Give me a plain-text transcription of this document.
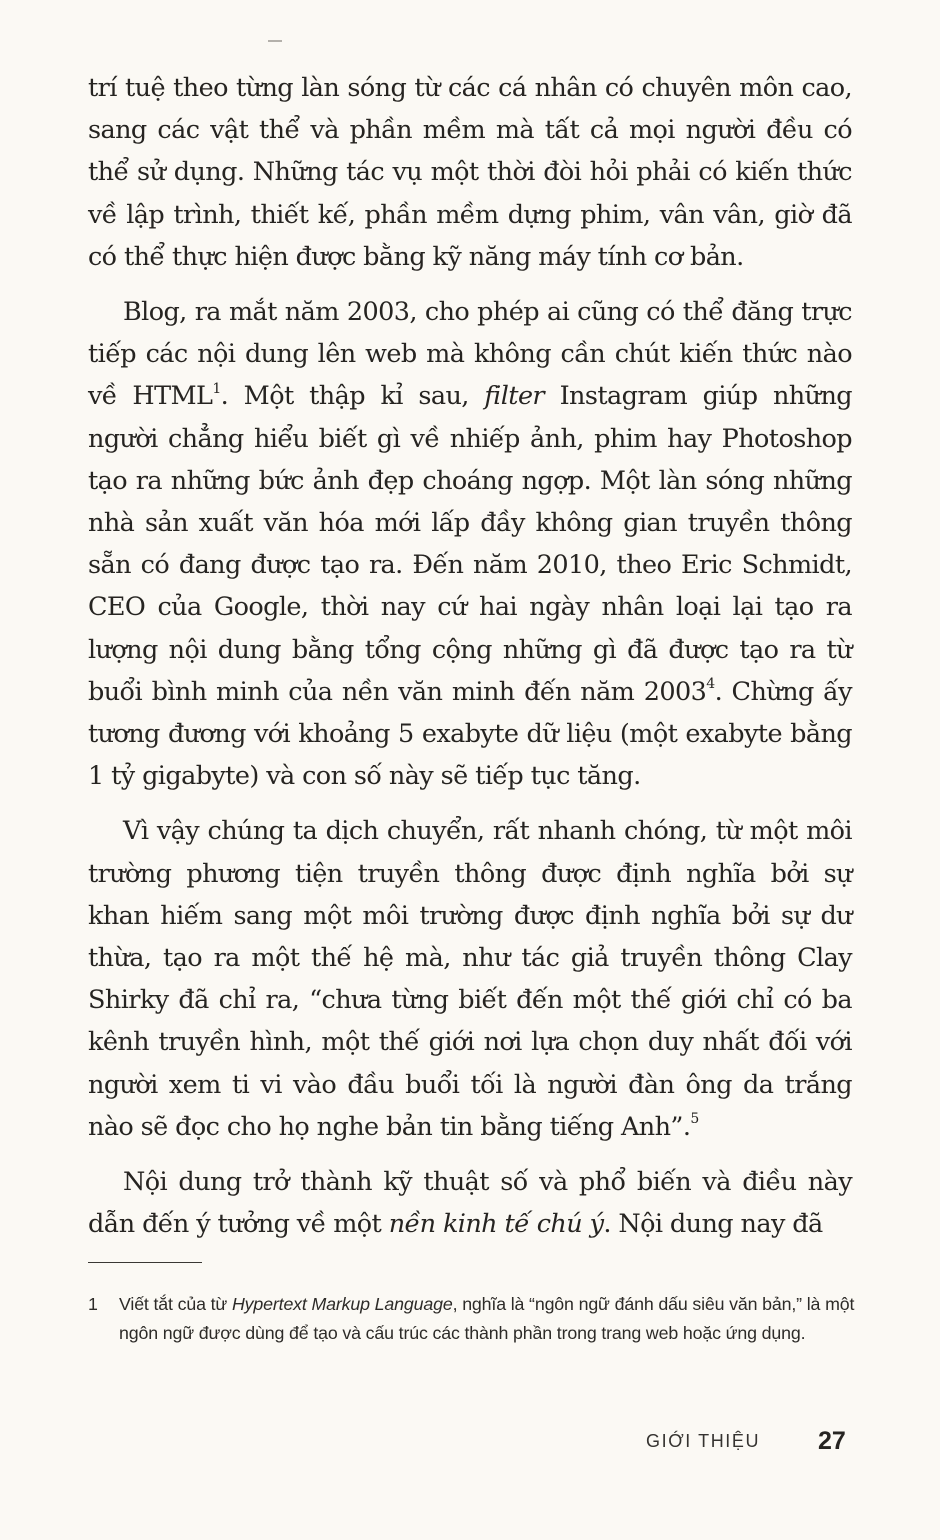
trí tuệ theo từng làn sóng từ các cá nhân có chuyên môn cao, sang các vật thể và phần mềm mà tất cả mọi người đều có thể sử dụng. Những tác vụ một thời đòi hỏi phải có kiến thức về lập trình, thiết kế, phần mềm dựng phim, vân vân, giờ đã có thể thực hiện được bằng kỹ năng máy tính cơ bản.

Blog, ra mắt năm 2003, cho phép ai cũng có thể đăng trực tiếp các nội dung lên web mà không cần chút kiến thức nào về HTML$^1$. Một thập kỉ sau, filter Instagram giúp những người chẳng hiểu biết gì về nhiếp ảnh, phim hay Photoshop tạo ra những bức ảnh đẹp choáng ngợp. Một làn sóng những nhà sản xuất văn hóa mới lấp đầy không gian truyền thông sẵn có đang được tạo ra. Đến năm 2010, theo Eric Schmidt, CEO của Google, thời nay cứ hai ngày nhân loại lại tạo ra lượng nội dung bằng tổng cộng những gì đã được tạo ra từ buổi bình minh của nền văn minh đến năm 2003$^4$. Chừng ấy tương đương với khoảng 5 exabyte dữ liệu (một exabyte bằng 1 tỷ gigabyte) và con số này sẽ tiếp tục tăng.

Vì vậy chúng ta dịch chuyển, rất nhanh chóng, từ một môi trường phương tiện truyền thông được định nghĩa bởi sự khan hiếm sang một môi trường được định nghĩa bởi sự dư thừa, tạo ra một thế hệ mà, như tác giả truyền thông Clay Shirky đã chỉ ra, “chưa từng biết đến một thế giới chỉ có ba kênh truyền hình, một thế giới nơi lựa chọn duy nhất đối với người xem ti vi vào đầu buổi tối là người đàn ông da trắng nào sẽ đọc cho họ nghe bản tin bằng tiếng Anh”.$^5$

Nội dung trở thành kỹ thuật số và phổ biến và điều này dẫn đến ý tưởng về một nền kinh tế chú ý. Nội dung nay đã

1 Viết tắt của từ Hypertext Markup Language, nghĩa là “ngôn ngữ đánh dấu siêu văn bản,” là một ngôn ngữ được dùng để tạo và cấu trúc các thành phần trong trang web hoặc ứng dụng.
GIỚI THIỆU 27
